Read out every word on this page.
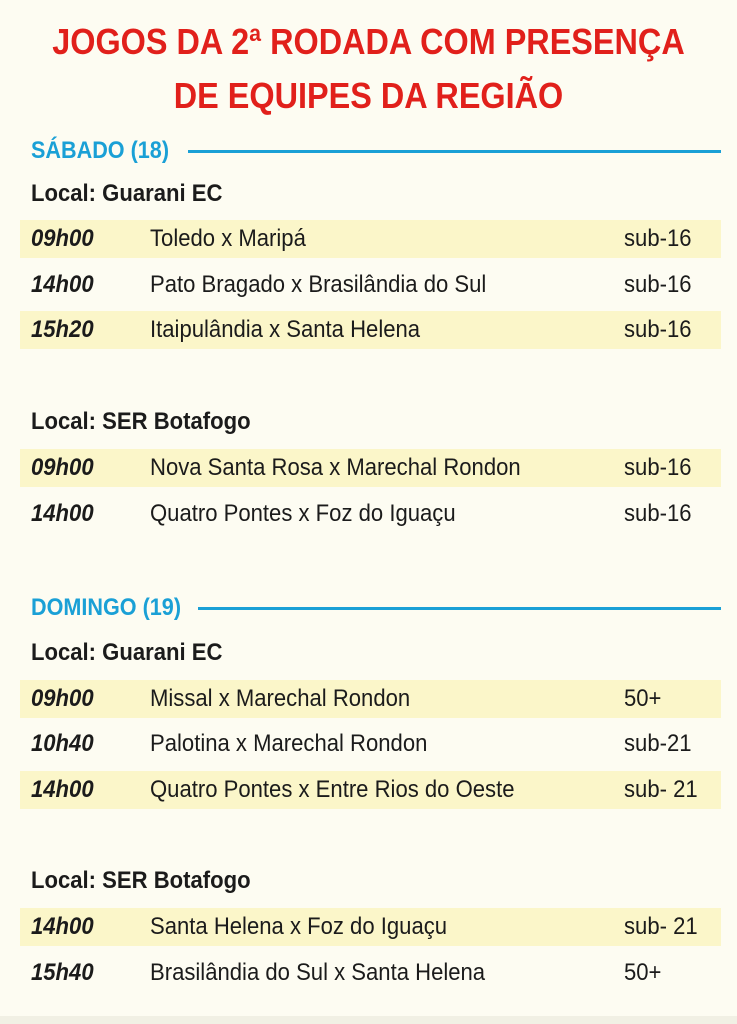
JOGOS DA 2ª RODADA COM PRESENÇA
DE EQUIPES DA REGIÃO
SÁBADO (18)
Local: Guarani EC
09h00 Toledo x Maripá	sub-16
14h00 Pato Bragado x Brasilândia do Sul	sub-16
15h20 Itaipulândia x Santa Helena	sub-16
Local: SER Botafogo
09h00 Nova Santa Rosa x Marechal Rondon	sub-16
14h00 Quatro Pontes x Foz do Iguaçu	sub-16
DOMINGO (19)
Local: Guarani EC
09h00 Missal x Marechal Rondon	50+
10h40 Palotina x Marechal Rondon	sub-21
14h00 Quatro Pontes x Entre Rios do Oeste	sub- 21
Local: SER Botafogo
14h00 Santa Helena x Foz do Iguaçu	sub- 21
15h40 Brasilândia do Sul x Santa Helena	50+
